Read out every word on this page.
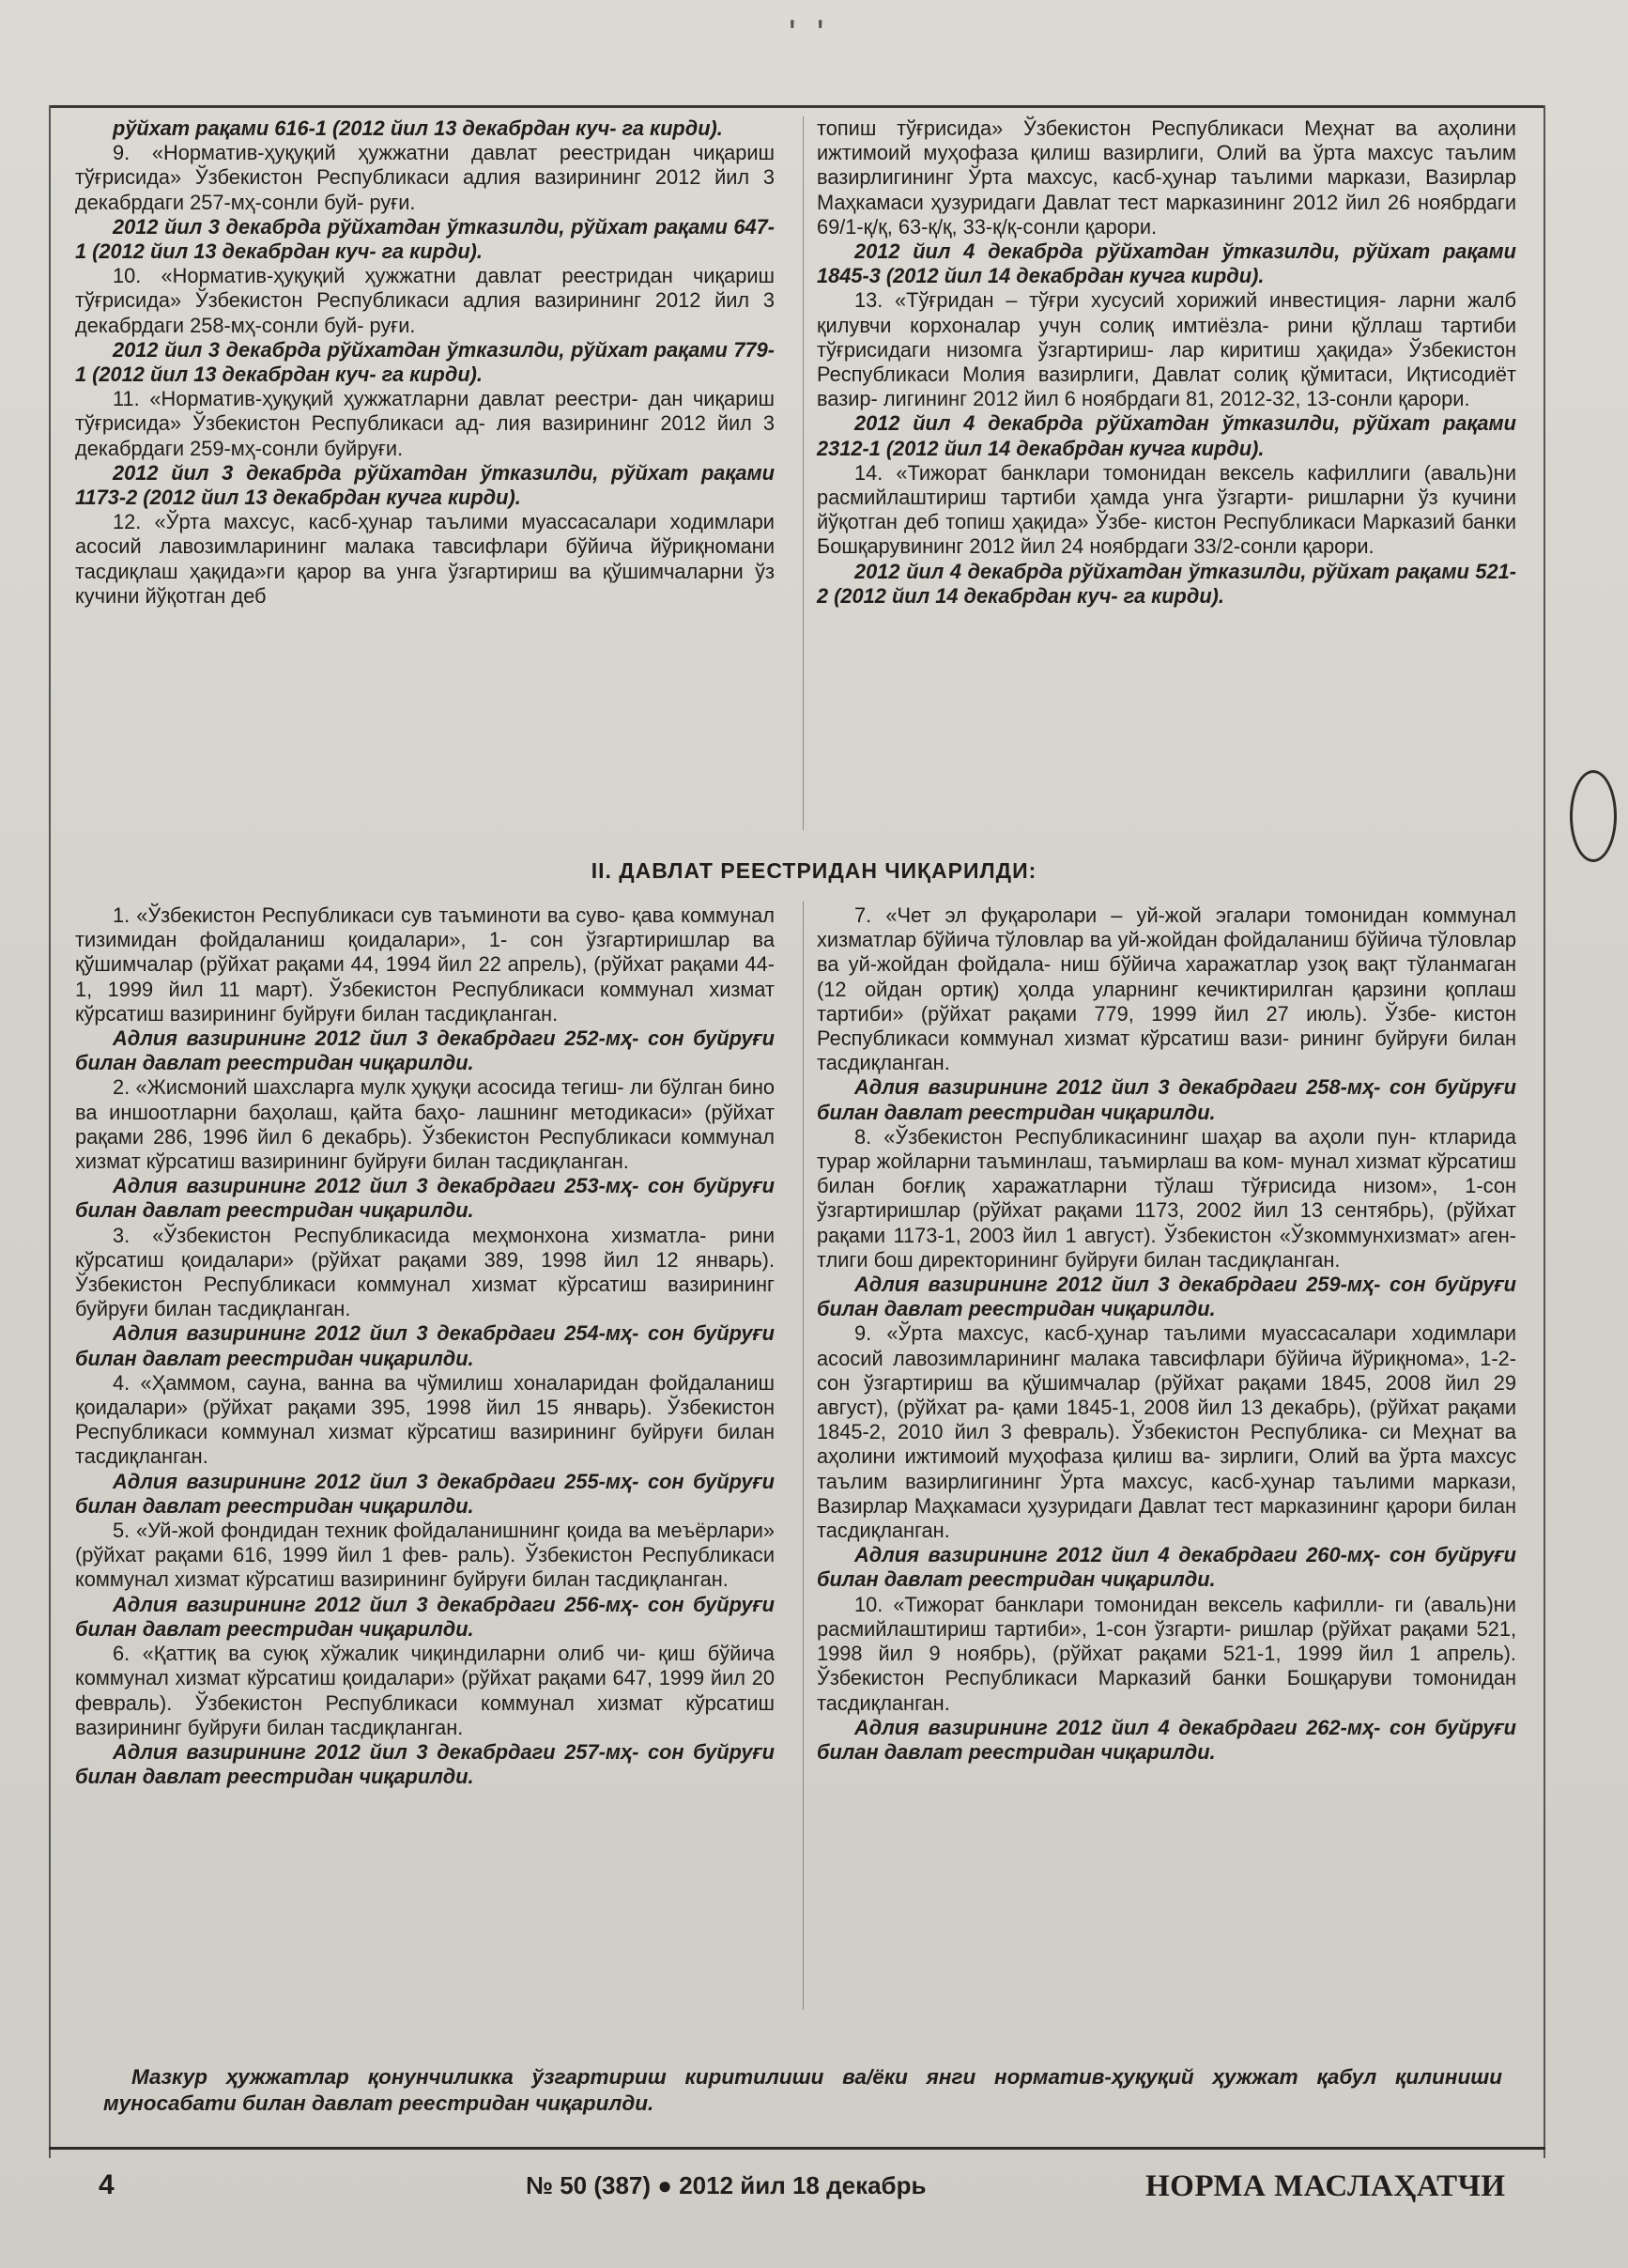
'  '

рўйхат рақами 616-1 (2012 йил 13 декабрдан куч- га кирди).

9. «Норматив-ҳуқуқий ҳужжатни давлат реестридан чиқариш тўғрисида» Ўзбекистон Республикаси адлия вазирининг 2012 йил 3 декабрдаги 257-мҳ-сонли буй- руғи.

2012 йил 3 декабрда рўйхатдан ўтказилди, рўйхат рақами 647-1 (2012 йил 13 декабрдан куч- га кирди).

10. «Норматив-ҳуқуқий ҳужжатни давлат реестридан чиқариш тўғрисида» Ўзбекистон Республикаси адлия вазирининг 2012 йил 3 декабрдаги 258-мҳ-сонли буй- руғи.

2012 йил 3 декабрда рўйхатдан ўтказилди, рўйхат рақами 779-1 (2012 йил 13 декабрдан куч- га кирди).

11. «Норматив-ҳуқуқий ҳужжатларни давлат реестри- дан чиқариш тўғрисида» Ўзбекистон Республикаси ад- лия вазирининг 2012 йил 3 декабрдаги 259-мҳ-сонли буйруғи.

2012 йил 3 декабрда рўйхатдан ўтказилди, рўйхат рақами 1173-2 (2012 йил 13 декабрдан кучга кирди).

12. «Ўрта махсус, касб-ҳунар таълими муассасалари ходимлари асосий лавозимларининг малака тавсифлари бўйича йўриқномани тасдиқлаш ҳақида»ги қарор ва унга ўзгартириш ва қўшимчаларни ўз кучини йўқотган деб

топиш тўғрисида» Ўзбекистон Республикаси Меҳнат ва аҳолини ижтимоий муҳофаза қилиш вазирлиги, Олий ва ўрта махсус таълим вазирлигининг Ўрта махсус, касб-ҳунар таълими маркази, Вазирлар Маҳкамаси ҳузуридаги Давлат тест марказининг 2012 йил 26 ноябрдаги 69/1-қ/қ, 63-қ/қ, 33-қ/қ-сонли қарори.

2012 йил 4 декабрда рўйхатдан ўтказилди, рўйхат рақами 1845-3 (2012 йил 14 декабрдан кучга кирди).

13. «Тўғридан – тўғри хусусий хорижий инвестиция- ларни жалб қилувчи корхоналар учун солиқ имтиёзла- рини қўллаш тартиби тўғрисидаги низомга ўзгартириш- лар киритиш ҳақида» Ўзбекистон Республикаси Молия вазирлиги, Давлат солиқ қўмитаси, Иқтисодиёт вазир- лигининг 2012 йил 6 ноябрдаги 81, 2012-32, 13-сонли қарори.

2012 йил 4 декабрда рўйхатдан ўтказилди, рўйхат рақами 2312-1 (2012 йил 14 декабрдан кучга кирди).

14. «Тижорат банклари томонидан вексель кафиллиги (аваль)ни расмийлаштириш тартиби ҳамда унга ўзгарти- ришларни ўз кучини йўқотган деб топиш ҳақида» Ўзбе- кистон Республикаси Марказий банки Бошқарувининг 2012 йил 24 ноябрдаги 33/2-сонли қарори.

2012 йил 4 декабрда рўйхатдан ўтказилди, рўйхат рақами 521-2 (2012 йил 14 декабрдан куч- га кирди).

II. ДАВЛАТ РЕЕСТРИДАН ЧИҚАРИЛДИ:

1. «Ўзбекистон Республикаси сув таъминоти ва суво- қава коммунал тизимидан фойдаланиш қоидалари», 1- сон ўзгартиришлар ва қўшимчалар (рўйхат рақами 44, 1994 йил 22 апрель), (рўйхат рақами 44-1, 1999 йил 11 март). Ўзбекистон Республикаси коммунал хизмат кўрсатиш вазирининг буйруғи билан тасдиқланган.

Адлия вазирининг 2012 йил 3 декабрдаги 252-мҳ- сон буйруғи билан давлат реестридан чиқарилди.

2. «Жисмоний шахсларга мулк ҳуқуқи асосида тегиш- ли бўлган бино ва иншоотларни баҳолаш, қайта баҳо- лашнинг методикаси» (рўйхат рақами 286, 1996 йил 6 декабрь). Ўзбекистон Республикаси коммунал хизмат кўрсатиш вазирининг буйруғи билан тасдиқланган.

Адлия вазирининг 2012 йил 3 декабрдаги 253-мҳ- сон буйруғи билан давлат реестридан чиқарилди.

3. «Ўзбекистон Республикасида меҳмонхона хизматла- рини кўрсатиш қоидалари» (рўйхат рақами 389, 1998 йил 12 январь). Ўзбекистон Республикаси коммунал хизмат кўрсатиш вазирининг буйруғи билан тасдиқланган.

Адлия вазирининг 2012 йил 3 декабрдаги 254-мҳ- сон буйруғи билан давлат реестридан чиқарилди.

4. «Ҳаммом, сауна, ванна ва чўмилиш хоналаридан фойдаланиш қоидалари» (рўйхат рақами 395, 1998 йил 15 январь). Ўзбекистон Республикаси коммунал хизмат кўрсатиш вазирининг буйруғи билан тасдиқланган.

Адлия вазирининг 2012 йил 3 декабрдаги 255-мҳ- сон буйруғи билан давлат реестридан чиқарилди.

5. «Уй-жой фондидан техник фойдаланишнинг қоида ва меъёрлари» (рўйхат рақами 616, 1999 йил 1 фев- раль). Ўзбекистон Республикаси коммунал хизмат кўрсатиш вазирининг буйруғи билан тасдиқланган.

Адлия вазирининг 2012 йил 3 декабрдаги 256-мҳ- сон буйруғи билан давлат реестридан чиқарилди.

6. «Қаттиқ ва суюқ хўжалик чиқиндиларни олиб чи- қиш бўйича коммунал хизмат кўрсатиш қоидалари» (рўйхат рақами 647, 1999 йил 20 февраль). Ўзбекистон Республикаси коммунал хизмат кўрсатиш вазирининг буйруғи билан тасдиқланган.

Адлия вазирининг 2012 йил 3 декабрдаги 257-мҳ- сон буйруғи билан давлат реестридан чиқарилди.

7. «Чет эл фуқаролари – уй-жой эгалари томонидан коммунал хизматлар бўйича тўловлар ва уй-жойдан фойдаланиш бўйича тўловлар ва уй-жойдан фойдала- ниш бўйича харажатлар узоқ вақт тўланмаган (12 ойдан ортиқ) ҳолда уларнинг кечиктирилган қарзини қоплаш тартиби» (рўйхат рақами 779, 1999 йил 27 июль). Ўзбе- кистон Республикаси коммунал хизмат кўрсатиш вази- рининг буйруғи билан тасдиқланган.

Адлия вазирининг 2012 йил 3 декабрдаги 258-мҳ- сон буйруғи билан давлат реестридан чиқарилди.

8. «Ўзбекистон Республикасининг шаҳар ва аҳоли пун- ктларида турар жойларни таъминлаш, таъмирлаш ва ком- мунал хизмат кўрсатиш билан боғлиқ харажатларни тўлаш тўғрисида низом», 1-сон ўзгартиришлар (рўйхат рақами 1173, 2002 йил 13 сентябрь), (рўйхат рақами 1173-1, 2003 йил 1 август). Ўзбекистон «Ўзкоммунхизмат» аген- тлиги бош директорининг буйруғи билан тасдиқланган.

Адлия вазирининг 2012 йил 3 декабрдаги 259-мҳ- сон буйруғи билан давлат реестридан чиқарилди.

9. «Ўрта махсус, касб-ҳунар таълими муассасалари ходимлари асосий лавозимларининг малака тавсифлари бўйича йўриқнома», 1-2-сон ўзгартириш ва қўшимчалар (рўйхат рақами 1845, 2008 йил 29 август), (рўйхат ра- қами 1845-1, 2008 йил 13 декабрь), (рўйхат рақами 1845-2, 2010 йил 3 февраль). Ўзбекистон Республика- си Меҳнат ва аҳолини ижтимоий муҳофаза қилиш ва- зирлиги, Олий ва ўрта махсус таълим вазирлигининг Ўрта махсус, касб-ҳунар таълими маркази, Вазирлар Маҳкамаси ҳузуридаги Давлат тест марказининг қарори билан тасдиқланган.

Адлия вазирининг 2012 йил 4 декабрдаги 260-мҳ- сон буйруғи билан давлат реестридан чиқарилди.

10. «Тижорат банклари томонидан вексель кафилли- ги (аваль)ни расмийлаштириш тартиби», 1-сон ўзгарти- ришлар (рўйхат рақами 521, 1998 йил 9 ноябрь), (рўйхат рақами 521-1, 1999 йил 1 апрель). Ўзбекистон Республикаси Марказий банки Бошқаруви томонидан тасдиқланган.

Адлия вазирининг 2012 йил 4 декабрдаги 262-мҳ- сон буйруғи билан давлат реестридан чиқарилди.

Мазкур ҳужжатлар қонунчиликка ўзгартириш киритилиши ва/ёки янги норматив-ҳуқуқий ҳужжат қабул қилиниши муносабати билан давлат реестридан чиқарилди.
4	№ 50 (387) ● 2012 йил 18 декабрь	НОРМА МАСЛАҲАТЧИ
